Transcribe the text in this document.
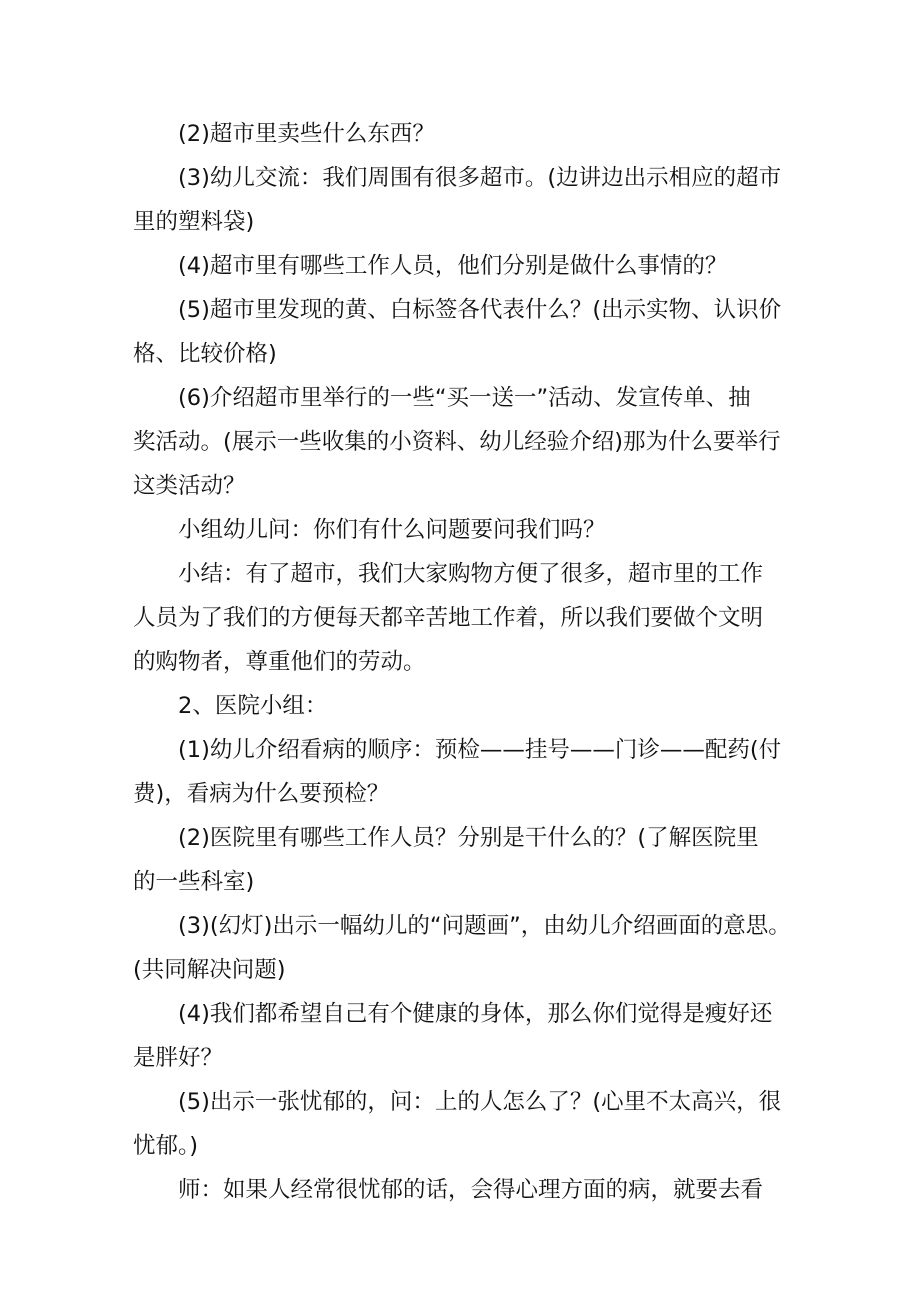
(2)超市里卖些什么东西？
(3)幼儿交流：我们周围有很多超市。(边讲边出示相应的超市
里的塑料袋)
(4)超市里有哪些工作人员，他们分别是做什么事情的？
(5)超市里发现的黄、白标签各代表什么？(出示实物、认识价
格、比较价格)
(6)介绍超市里举行的一些“买一送一”活动、发宣传单、抽
奖活动。(展示一些收集的小资料、幼儿经验介绍)那为什么要举行
这类活动？
小组幼儿问：你们有什么问题要问我们吗？
小结：有了超市，我们大家购物方便了很多，超市里的工作
人员为了我们的方便每天都辛苦地工作着，所以我们要做个文明
的购物者，尊重他们的劳动。
2、医院小组：
(1)幼儿介绍看病的顺序：预检——挂号——门诊——配药(付
费)，看病为什么要预检？
(2)医院里有哪些工作人员？分别是干什么的？(了解医院里
的一些科室)
(3)(幻灯)出示一幅幼儿的“问题画”，由幼儿介绍画面的意思。
(共同解决问题)
(4)我们都希望自己有个健康的身体，那么你们觉得是瘦好还
是胖好？
(5)出示一张忧郁的，问：上的人怎么了？(心里不太高兴，很
忧郁。)
师：如果人经常很忧郁的话，会得心理方面的病，就要去看
